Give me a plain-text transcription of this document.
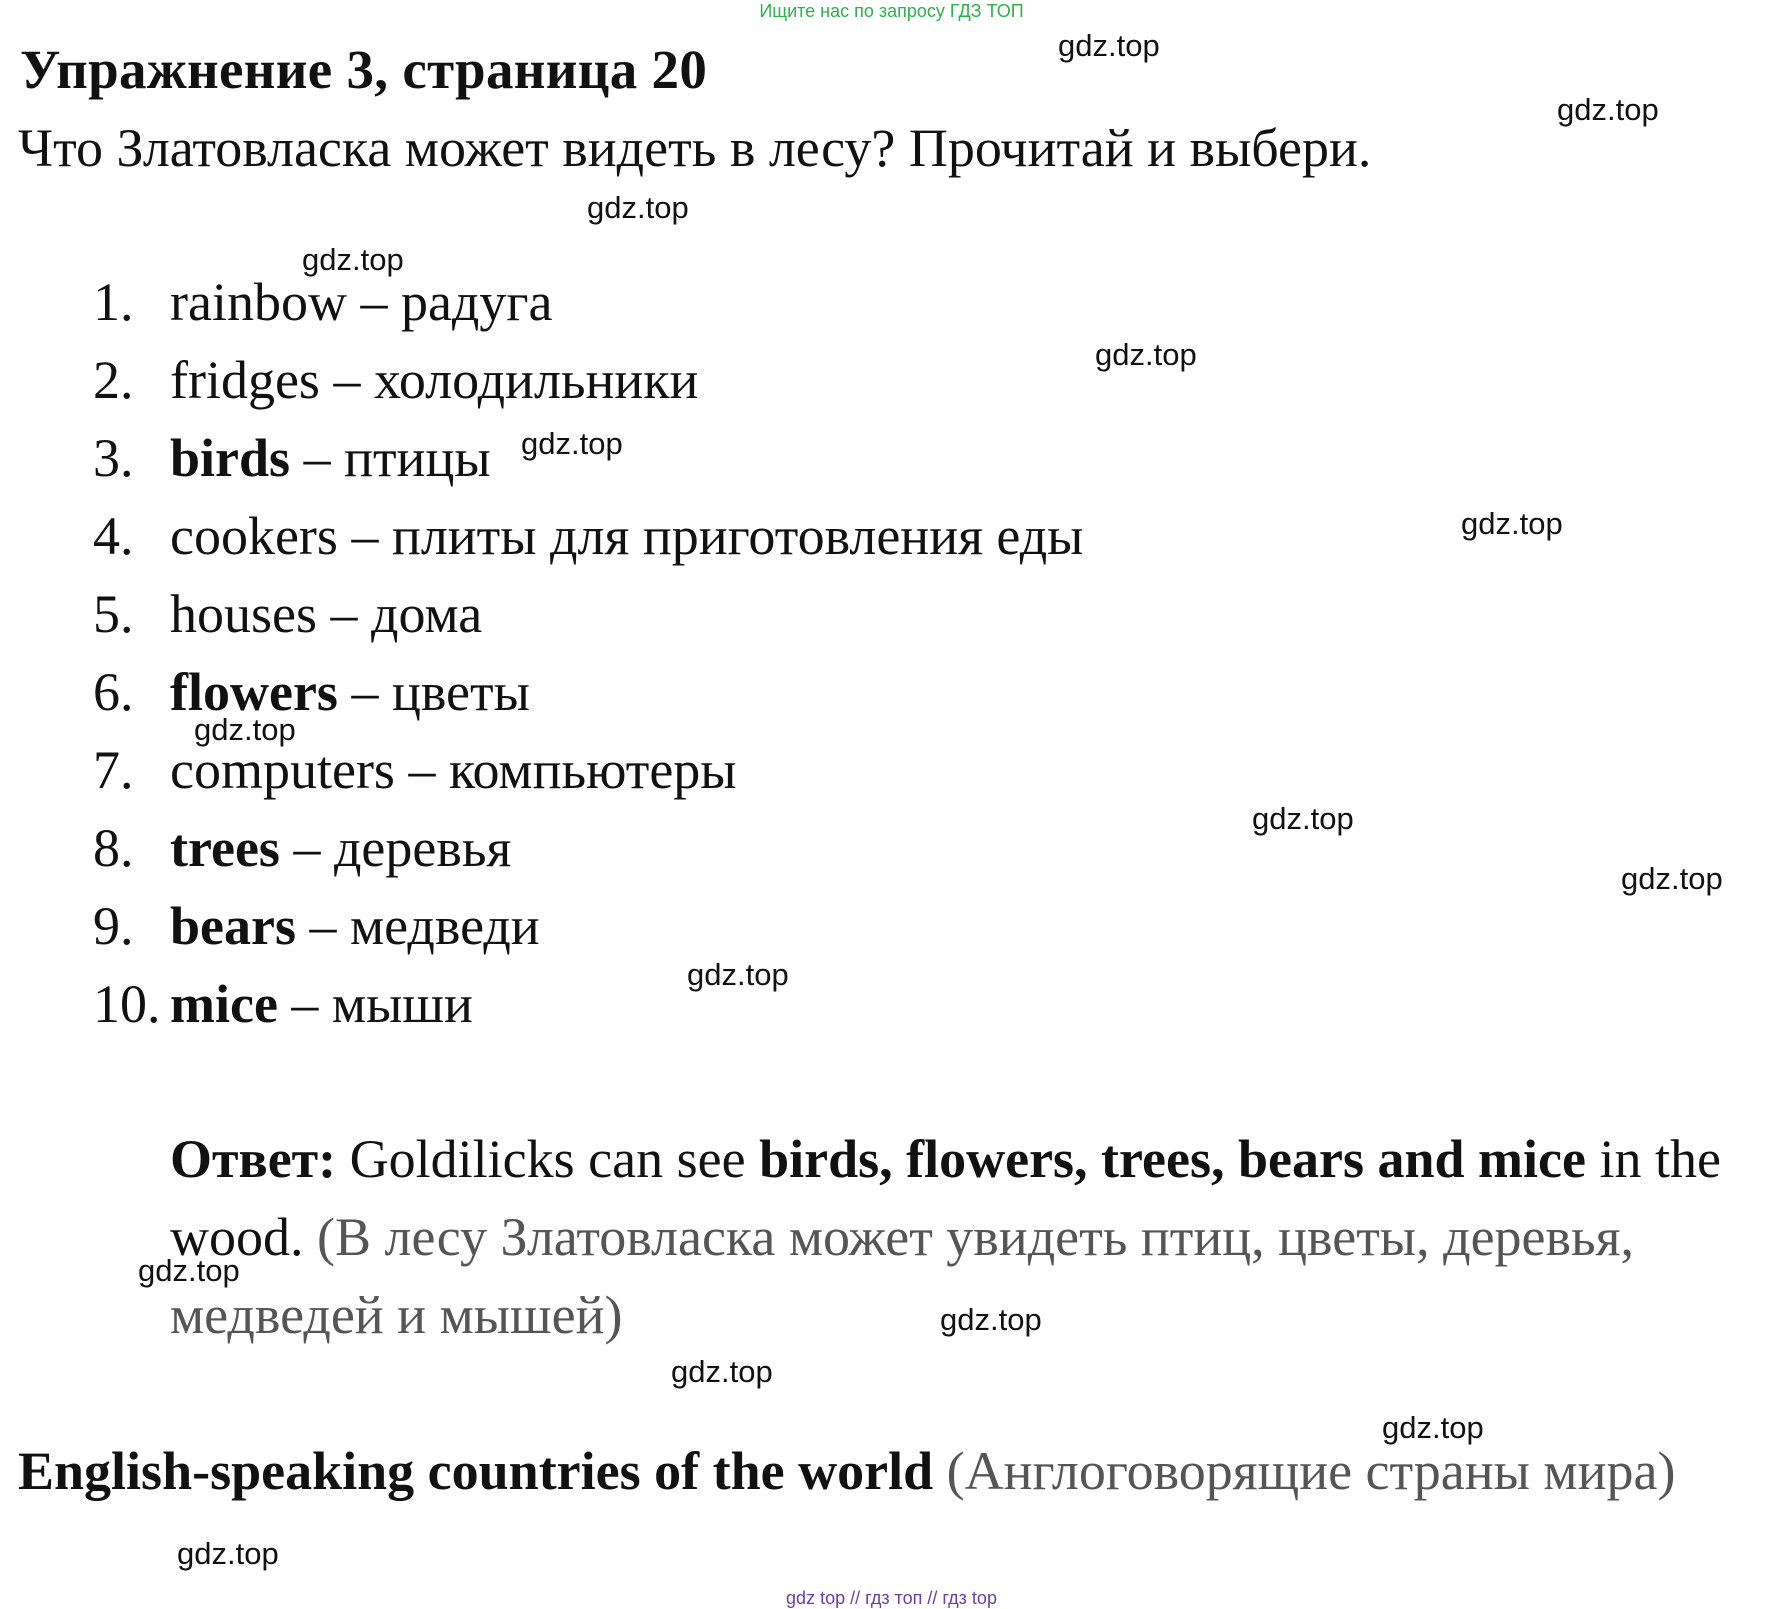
Ищите нас по запросу ГДЗ ТОП
Упражнение 3, страница 20
Что Златовласка может видеть в лесу? Прочитай и выбери.
1. rainbow – радуга
2. fridges – холодильники
3. birds – птицы
4. cookers – плиты для приготовления еды
5. houses – дома
6. flowers – цветы
7. computers – компьютеры
8. trees – деревья
9. bears – медведи
10. mice – мыши
Ответ: Goldilicks can see birds, flowers, trees, bears and mice in the wood. (В лесу Златовласка может увидеть птиц, цветы, деревья, медведей и мышей)
English-speaking countries of the world (Англоговорящие страны мира)
gdz.top
gdz.top
gdz.top
gdz.top
gdz.top
gdz.top
gdz.top
gdz.top
gdz.top
gdz.top
gdz.top
gdz.top
gdz.top
gdz.top
gdz.top
gdz.top
gdz top // гдз топ // гдз top
